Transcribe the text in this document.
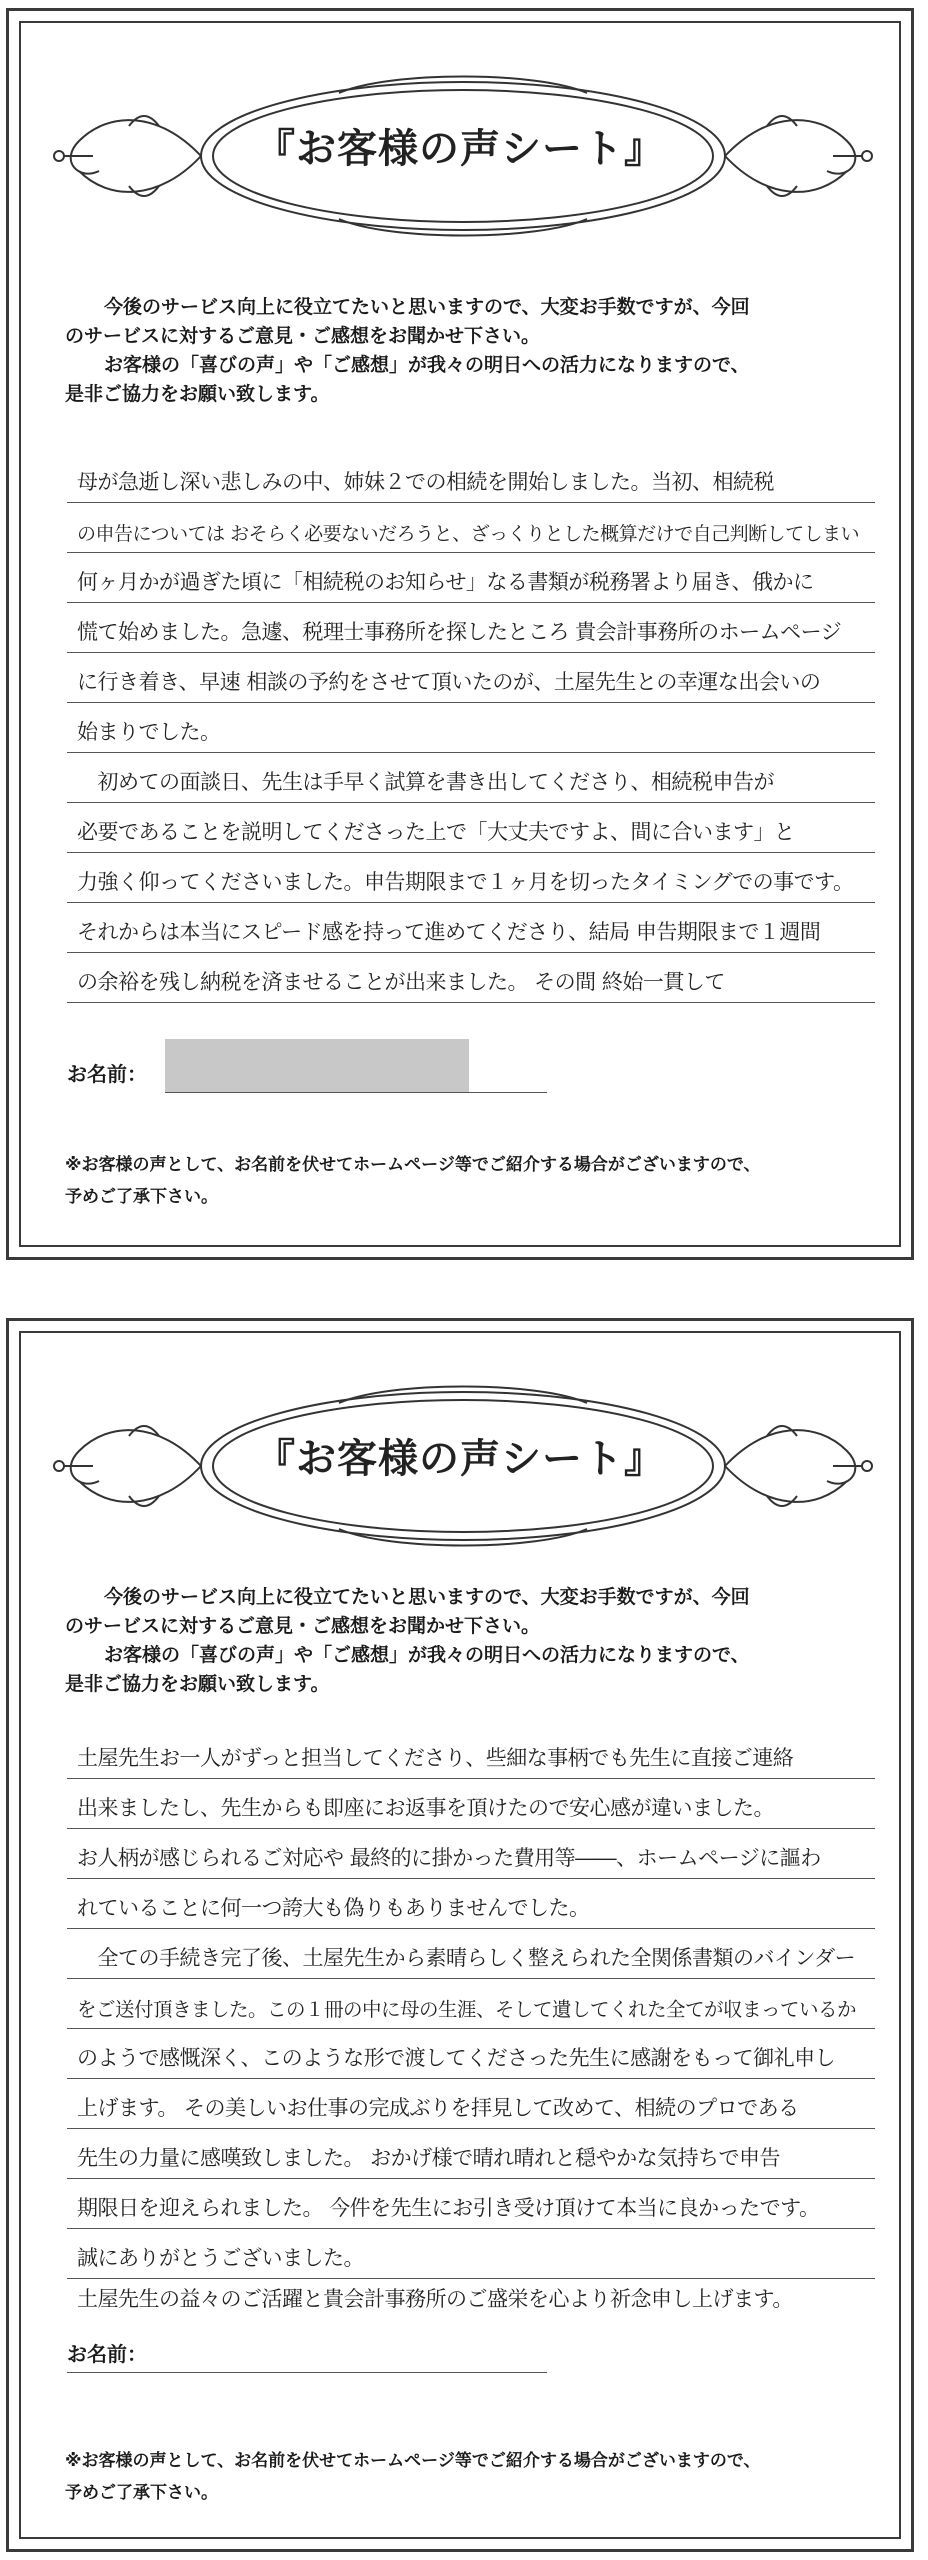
『お客様の声シート』

今後のサービス向上に役立てたいと思いますので、大変お手数ですが、今回

のサービスに対するご意見・ご感想をお聞かせ下さい。

お客様の「喜びの声」や「ご感想」が我々の明日への活力になりますので、

是非ご協力をお願い致します。

母が急逝し深い悲しみの中、姉妹２での相続を開始しました。当初、相続税
の申告については おそらく必要ないだろうと、ざっくりとした概算だけで自己判断してしまい
何ヶ月かが過ぎた頃に「相続税のお知らせ」なる書類が税務署より届き、俄かに
慌て始めました。急遽、税理士事務所を探したところ 貴会計事務所のホームページ
に行き着き、早速 相談の予約をさせて頂いたのが、土屋先生との幸運な出会いの
始まりでした。
　初めての面談日、先生は手早く試算を書き出してくださり、相続税申告が
必要であることを説明してくださった上で「大丈夫ですよ、間に合います」と
力強く仰ってくださいました。申告期限まで１ヶ月を切ったタイミングでの事です。
それからは本当にスピード感を持って進めてくださり、結局 申告期限まで１週間
の余裕を残し納税を済ませることが出来ました。 その間 終始一貫して
お名前：

※お客様の声として、お名前を伏せてホームページ等でご紹介する場合がございますので、

予めご了承下さい。

『お客様の声シート』

今後のサービス向上に役立てたいと思いますので、大変お手数ですが、今回

のサービスに対するご意見・ご感想をお聞かせ下さい。

お客様の「喜びの声」や「ご感想」が我々の明日への活力になりますので、

是非ご協力をお願い致します。

土屋先生お一人がずっと担当してくださり、些細な事柄でも先生に直接ご連絡
出来ましたし、先生からも即座にお返事を頂けたので安心感が違いました。
お人柄が感じられるご対応や 最終的に掛かった費用等――、ホームページに謳わ
れていることに何一つ誇大も偽りもありませんでした。
　全ての手続き完了後、土屋先生から素晴らしく整えられた全関係書類のバインダー
をご送付頂きました。この１冊の中に母の生涯、そして遺してくれた全てが収まっているか
のようで感慨深く、このような形で渡してくださった先生に感謝をもって御礼申し
上げます。 その美しいお仕事の完成ぶりを拝見して改めて、相続のプロである
先生の力量に感嘆致しました。 おかげ様で晴れ晴れと穏やかな気持ちで申告
期限日を迎えられました。 今件を先生にお引き受け頂けて本当に良かったです。
誠にありがとうございました。
土屋先生の益々のご活躍と貴会計事務所のご盛栄を心より祈念申し上げます。
お名前：

※お客様の声として、お名前を伏せてホームページ等でご紹介する場合がございますので、

予めご了承下さい。
